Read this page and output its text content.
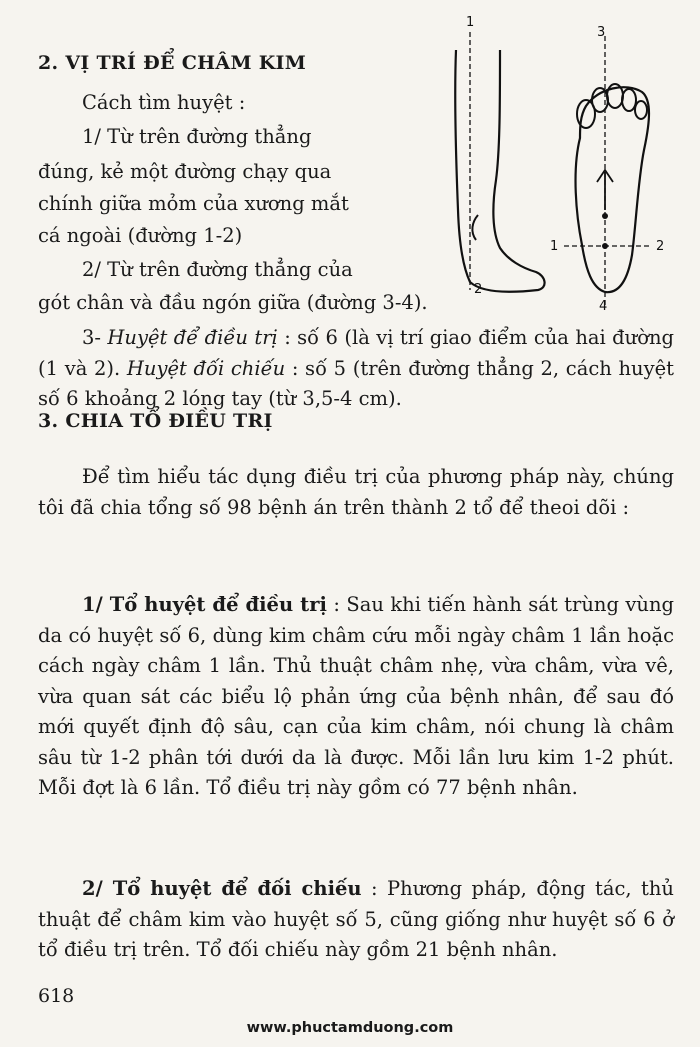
2. VỊ TRÍ ĐỂ CHÂM KIM
Cách tìm huyệt :
1/ Từ trên đường thẳng
đúng, kẻ một đường chạy qua
chính giữa mỏm của xương mắt
cá ngoài (đường 1-2)
2/ Từ trên đường thẳng của
gót chân và đầu ngón giữa (đường 3-4).
3- Huyệt để điều trị : số 6 (là vị trí giao điểm của hai đường (1 và 2). Huyệt đối chiếu : số 5 (trên đường thẳng 2, cách huyệt số 6 khoảng 2 lóng tay (từ 3,5-4 cm).
1
2
3
4
1	2
3. CHIA TỔ ĐIỀU TRỊ
Để tìm hiểu tác dụng điều trị của phương pháp này, chúng tôi đã chia tổng số 98 bệnh án trên thành 2 tổ để theoi dõi :
1/ Tổ huyệt để điều trị : Sau khi tiến hành sát trùng vùng da có huyệt số 6, dùng kim châm cứu mỗi ngày châm 1 lần hoặc cách ngày châm 1 lần. Thủ thuật châm nhẹ, vừa châm, vừa vê, vừa quan sát các biểu lộ phản ứng của bệnh nhân, để sau đó mới quyết định độ sâu, cạn của kim châm, nói chung là châm sâu từ 1-2 phân tới dưới da là được. Mỗi lần lưu kim 1-2 phút. Mỗi đợt là 6 lần. Tổ điều trị này gồm có 77 bệnh nhân.
2/ Tổ huyệt để đối chiếu : Phương pháp, động tác, thủ thuật để châm kim vào huyệt số 5, cũng giống như huyệt số 6 ở tổ điều trị trên. Tổ đối chiếu này gồm 21 bệnh nhân.
618
www.phuctamduong.com
